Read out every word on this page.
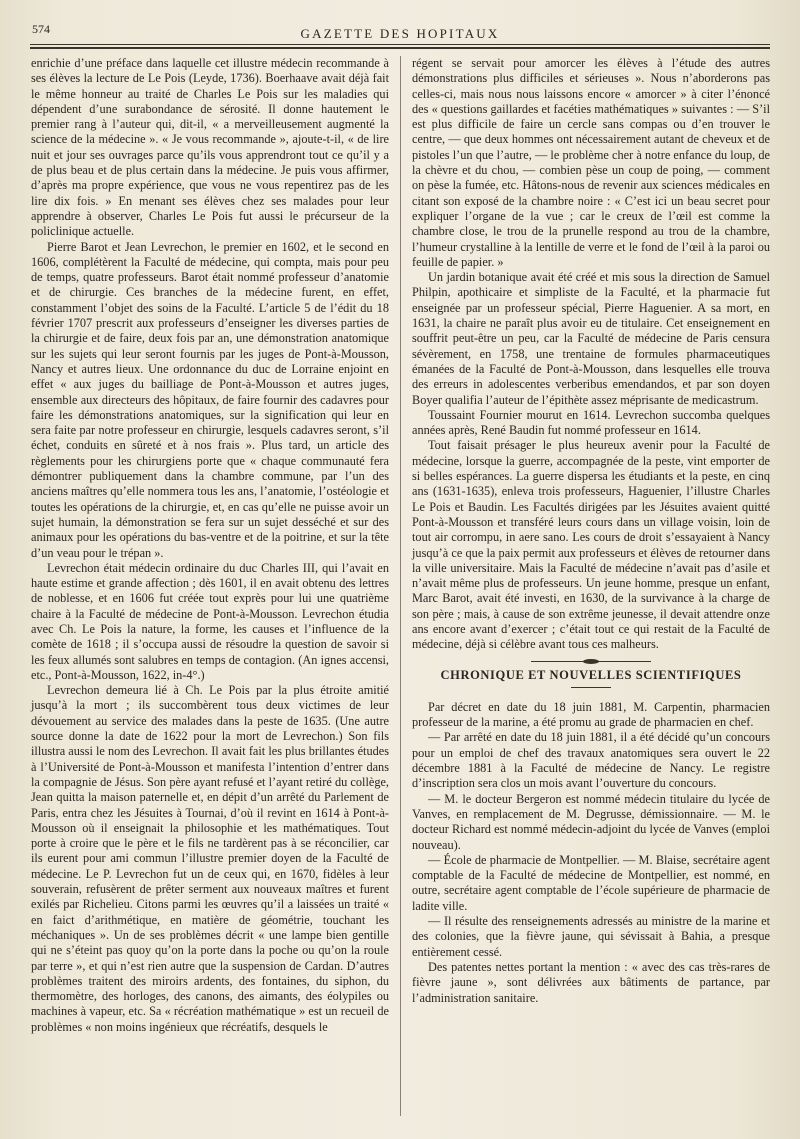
574	GAZETTE DES HOPITAUX

enrichie d’une préface dans laquelle cet illustre médecin recommande à ses élèves la lecture de Le Pois (Leyde, 1736). Boerhaave avait déjà fait le même honneur au traité de Charles Le Pois sur les maladies qui dépendent d’une surabondance de sérosité. Il donne hautement le premier rang à l’auteur qui, dit-il, « a merveilleusement augmenté la science de la médecine ». « Je vous recommande », ajoute-t-il, « de lire nuit et jour ses ouvrages parce qu’ils vous apprendront tout ce qu’il y a de plus beau et de plus certain dans la médecine. Je puis vous affirmer, d’après ma propre expérience, que vous ne vous repentirez pas de les lire dix fois. » En menant ses élèves chez ses malades pour leur apprendre à observer, Charles Le Pois fut aussi le précurseur de la policlinique actuelle.

Pierre Barot et Jean Levrechon, le premier en 1602, et le second en 1606, complétèrent la Faculté de médecine, qui compta, mais pour peu de temps, quatre professeurs. Barot était nommé professeur d’anatomie et de chirurgie. Ces branches de la médecine furent, en effet, constamment l’objet des soins de la Faculté. L’article 5 de l’édit du 18 février 1707 prescrit aux professeurs d’enseigner les diverses parties de la chirurgie et de faire, deux fois par an, une démonstration anatomique sur les sujets qui leur seront fournis par les juges de Pont-à-Mousson, Nancy et autres lieux. Une ordonnance du duc de Lorraine enjoint en effet « aux juges du bailliage de Pont-à-Mousson et autres juges, ensemble aux directeurs des hôpitaux, de faire fournir des cadavres pour faire les démonstrations anatomiques, sur la signification qui leur en sera faite par notre professeur en chirurgie, lesquels cadavres seront, s’il échet, conduits en sûreté et à nos frais ». Plus tard, un article des règlements pour les chirurgiens porte que « chaque communauté fera démontrer publiquement dans la chambre commune, par l’un des anciens maîtres qu’elle nommera tous les ans, l’anatomie, l’ostéologie et toutes les opérations de la chirurgie, et, en cas qu’elle ne puisse avoir un sujet humain, la démonstration se fera sur un sujet desséché et sur des animaux pour les opérations du bas-ventre et de la poitrine, et sur la tête d’un veau pour le trépan ».

Levrechon était médecin ordinaire du duc Charles III, qui l’avait en haute estime et grande affection ; dès 1601, il en avait obtenu des lettres de noblesse, et en 1606 fut créée tout exprès pour lui une quatrième chaire à la Faculté de médecine de Pont-à-Mousson. Levrechon étudia avec Ch. Le Pois la nature, la forme, les causes et l’influence de la comète de 1618 ; il s’occupa aussi de résoudre la question de savoir si les feux allumés sont salubres en temps de contagion. (An ignes accensi, etc., Pont-à-Mousson, 1622, in-4°.)

Levrechon demeura lié à Ch. Le Pois par la plus étroite amitié jusqu’à la mort ; ils succombèrent tous deux victimes de leur dévouement au service des malades dans la peste de 1635. (Une autre source donne la date de 1622 pour la mort de Levrechon.) Son fils illustra aussi le nom des Levrechon. Il avait fait les plus brillantes études à l’Université de Pont-à-Mousson et manifesta l’intention d’entrer dans la compagnie de Jésus. Son père ayant refusé et l’ayant retiré du collège, Jean quitta la maison paternelle et, en dépit d’un arrêté du Parlement de Paris, entra chez les Jésuites à Tournai, d’où il revint en 1614 à Pont-à-Mousson où il enseignait la philosophie et les mathématiques. Tout porte à croire que le père et le fils ne tardèrent pas à se réconcilier, car ils eurent pour ami commun l’illustre premier doyen de la Faculté de médecine. Le P. Levrechon fut un de ceux qui, en 1670, fidèles à leur souverain, refusèrent de prêter serment aux nouveaux maîtres et furent exilés par Richelieu. Citons parmi les œuvres qu’il a laissées un traité « en faict d’arithmétique, en matière de géométrie, touchant les méchaniques ». Un de ses problèmes décrit « une lampe bien gentille qui ne s’éteint pas quoy qu’on la porte dans la poche ou qu’on la roule par terre », et qui n’est rien autre que la suspension de Cardan. D’autres problèmes traitent des miroirs ardents, des fontaines, du siphon, du thermomètre, des horloges, des canons, des aimants, des éolypiles ou machines à vapeur, etc. Sa « récréation mathématique » est un recueil de problèmes « non moins ingénieux que récréatifs, desquels le

régent se servait pour amorcer les élèves à l’étude des autres démonstrations plus difficiles et sérieuses ». Nous n’aborderons pas celles-ci, mais nous nous laissons encore « amorcer » à citer l’énoncé des « questions gaillardes et facéties mathématiques » suivantes : — S’il est plus difficile de faire un cercle sans compas ou d’en trouver le centre, — que deux hommes ont nécessairement autant de cheveux et de pistoles l’un que l’autre, — le problème cher à notre enfance du loup, de la chèvre et du chou, — combien pèse un coup de poing, — comment on pèse la fumée, etc. Hâtons-nous de revenir aux sciences médicales en citant son exposé de la chambre noire : « C’est ici un beau secret pour expliquer l’organe de la vue ; car le creux de l’œil est comme la chambre close, le trou de la prunelle respond au trou de la chambre, l’humeur crystalline à la lentille de verre et le fond de l’œil à la paroi ou feuille de papier. »

Un jardin botanique avait été créé et mis sous la direction de Samuel Philpin, apothicaire et simpliste de la Faculté, et la pharmacie fut enseignée par un professeur spécial, Pierre Haguenier. A sa mort, en 1631, la chaire ne paraît plus avoir eu de titulaire. Cet enseignement en souffrit peut-être un peu, car la Faculté de médecine de Paris censura sévèrement, en 1758, une trentaine de formules pharmaceutiques émanées de la Faculté de Pont-à-Mousson, dans lesquelles elle trouva des erreurs in adolescentes verberibus emendandos, et par son doyen Boyer qualifia l’auteur de l’épithète assez méprisante de medicastrum.

Toussaint Fournier mourut en 1614. Levrechon succomba quelques années après, René Baudin fut nommé professeur en 1614.

Tout faisait présager le plus heureux avenir pour la Faculté de médecine, lorsque la guerre, accompagnée de la peste, vint emporter de si belles espérances. La guerre dispersa les étudiants et la peste, en cinq ans (1631-1635), enleva trois professeurs, Haguenier, l’illustre Charles Le Pois et Baudin. Les Facultés dirigées par les Jésuites avaient quitté Pont-à-Mousson et transféré leurs cours dans un village voisin, loin de tout air corrompu, in aere sano. Les cours de droit s’essayaient à Nancy jusqu’à ce que la paix permit aux professeurs et élèves de retourner dans la ville universitaire. Mais la Faculté de médecine n’avait pas d’asile et n’avait même plus de professeurs. Un jeune homme, presque un enfant, Marc Barot, avait été investi, en 1630, de la survivance à la charge de son père ; mais, à cause de son extrême jeunesse, il devait attendre onze ans encore avant d’exercer ; c’était tout ce qui restait de la Faculté de médecine, déjà si célèbre avant tous ces malheurs.

CHRONIQUE ET NOUVELLES SCIENTIFIQUES

Par décret en date du 18 juin 1881, M. Carpentin, pharmacien professeur de la marine, a été promu au grade de pharmacien en chef.

— Par arrêté en date du 18 juin 1881, il a été décidé qu’un concours pour un emploi de chef des travaux anatomiques sera ouvert le 22 décembre 1881 à la Faculté de médecine de Nancy. Le registre d’inscription sera clos un mois avant l’ouverture du concours.

— M. le docteur Bergeron est nommé médecin titulaire du lycée de Vanves, en remplacement de M. Degrusse, démissionnaire. — M. le docteur Richard est nommé médecin-adjoint du lycée de Vanves (emploi nouveau).

— École de pharmacie de Montpellier. — M. Blaise, secrétaire agent comptable de la Faculté de médecine de Montpellier, est nommé, en outre, secrétaire agent comptable de l’école supérieure de pharmacie de ladite ville.

— Il résulte des renseignements adressés au ministre de la marine et des colonies, que la fièvre jaune, qui sévissait à Bahia, a presque entièrement cessé.

Des patentes nettes portant la mention : « avec des cas très-rares de fièvre jaune », sont délivrées aux bâtiments de partance, par l’administration sanitaire.
